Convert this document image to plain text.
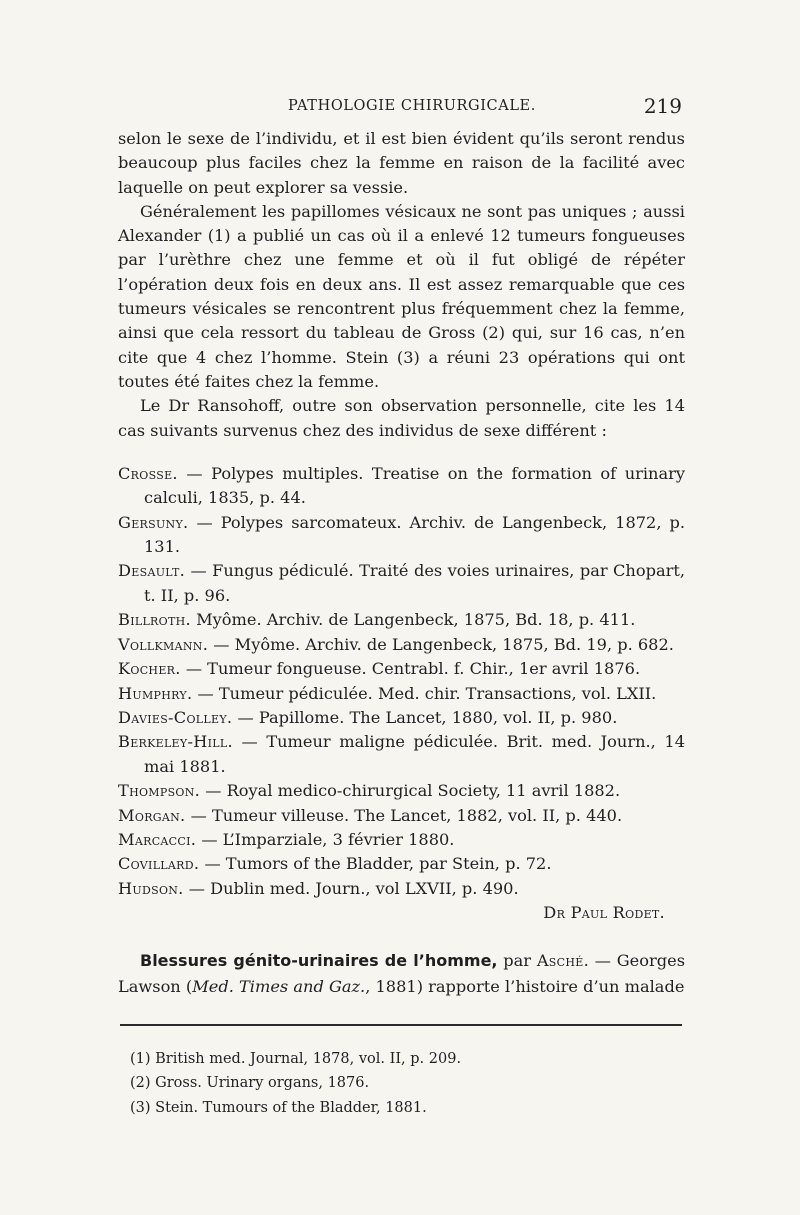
PATHOLOGIE CHIRURGICALE.	219

selon le sexe de l’individu, et il est bien évident qu’ils seront rendus beaucoup plus faciles chez la femme en raison de la facilité avec laquelle on peut explorer sa vessie.

Généralement les papillomes vésicaux ne sont pas uniques ; aussi Alexander (1) a publié un cas où il a enlevé 12 tumeurs fongueuses par l’urèthre chez une femme et où il fut obligé de répéter l’opération deux fois en deux ans. Il est assez remarquable que ces tumeurs vésicales se rencontrent plus fréquemment chez la femme, ainsi que cela ressort du tableau de Gross (2) qui, sur 16 cas, n’en cite que 4 chez l’homme. Stein (3) a réuni 23 opérations qui ont toutes été faites chez la femme.

Le Dr Ransohoff, outre son observation personnelle, cite les 14 cas suivants survenus chez des individus de sexe différent :

Crosse. — Polypes multiples. Treatise on the formation of urinary calculi, 1835, p. 44.
Gersuny. — Polypes sarcomateux. Archiv. de Langenbeck, 1872, p. 131.
Desault. — Fungus pédiculé. Traité des voies urinaires, par Chopart, t. II, p. 96.
Billroth. Myôme. Archiv. de Langenbeck, 1875, Bd. 18, p. 411.
Vollkmann. — Myôme. Archiv. de Langenbeck, 1875, Bd. 19, p. 682.
Kocher. — Tumeur fongueuse. Centrabl. f. Chir., 1er avril 1876.
Humphry. — Tumeur pédiculée. Med. chir. Transactions, vol. LXII.
Davies-Colley. — Papillome. The Lancet, 1880, vol. II, p. 980.
Berkeley-Hill. — Tumeur maligne pédiculée. Brit. med. Journ., 14 mai 1881.
Thompson. — Royal medico-chirurgical Society, 11 avril 1882.
Morgan. — Tumeur villeuse. The Lancet, 1882, vol. II, p. 440.
Marcacci. — L’Imparziale, 3 février 1880.
Covillard. — Tumors of the Bladder, par Stein, p. 72.
Hudson. — Dublin med. Journ., vol LXVII, p. 490.
Dr Paul Rodet.
Blessures génito-urinaires de l’homme, par Asché. — Georges Lawson (Med. Times and Gaz., 1881) rapporte l’histoire d’un malade
(1) British med. Journal, 1878, vol. II, p. 209.
(2) Gross. Urinary organs, 1876.
(3) Stein. Tumours of the Bladder, 1881.
